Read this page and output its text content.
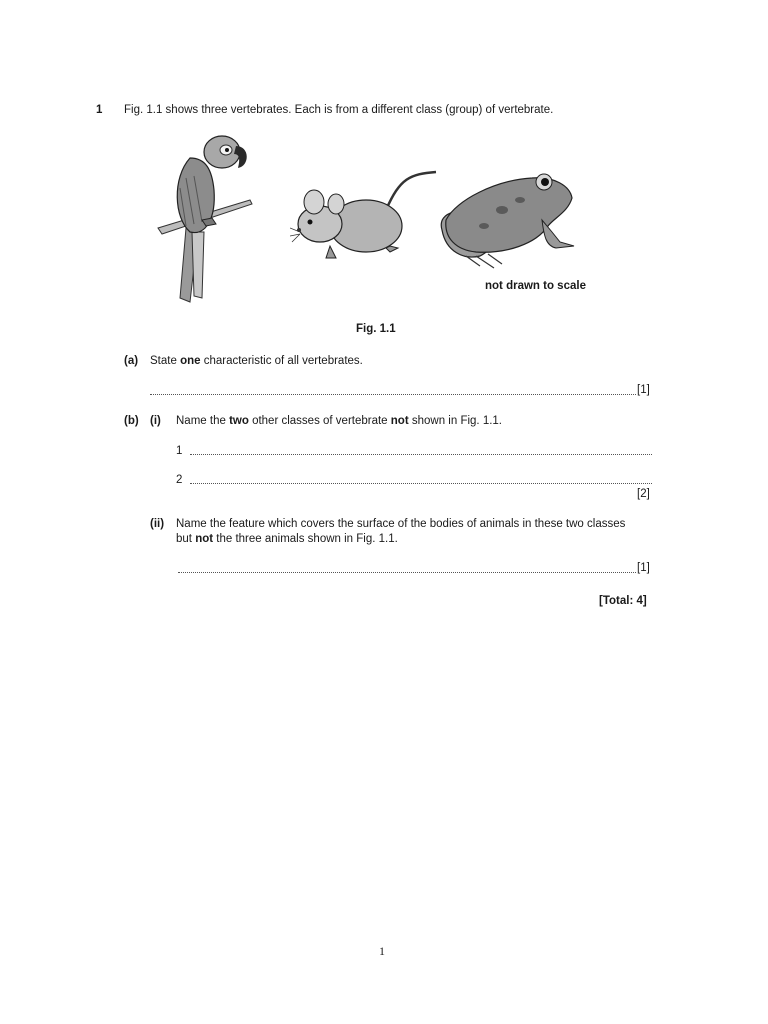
1 Fig. 1.1 shows three vertebrates. Each is from a different class (group) of vertebrate.
not drawn to scale
Fig. 1.1
(a) State one characteristic of all vertebrates.
[1]
(b) (i) Name the two other classes of vertebrate not shown in Fig. 1.1.
1
2
[2]
(ii) Name the feature which covers the surface of the bodies of animals in these two classes
but not the three animals shown in Fig. 1.1.
[1]
[Total: 4]
1
